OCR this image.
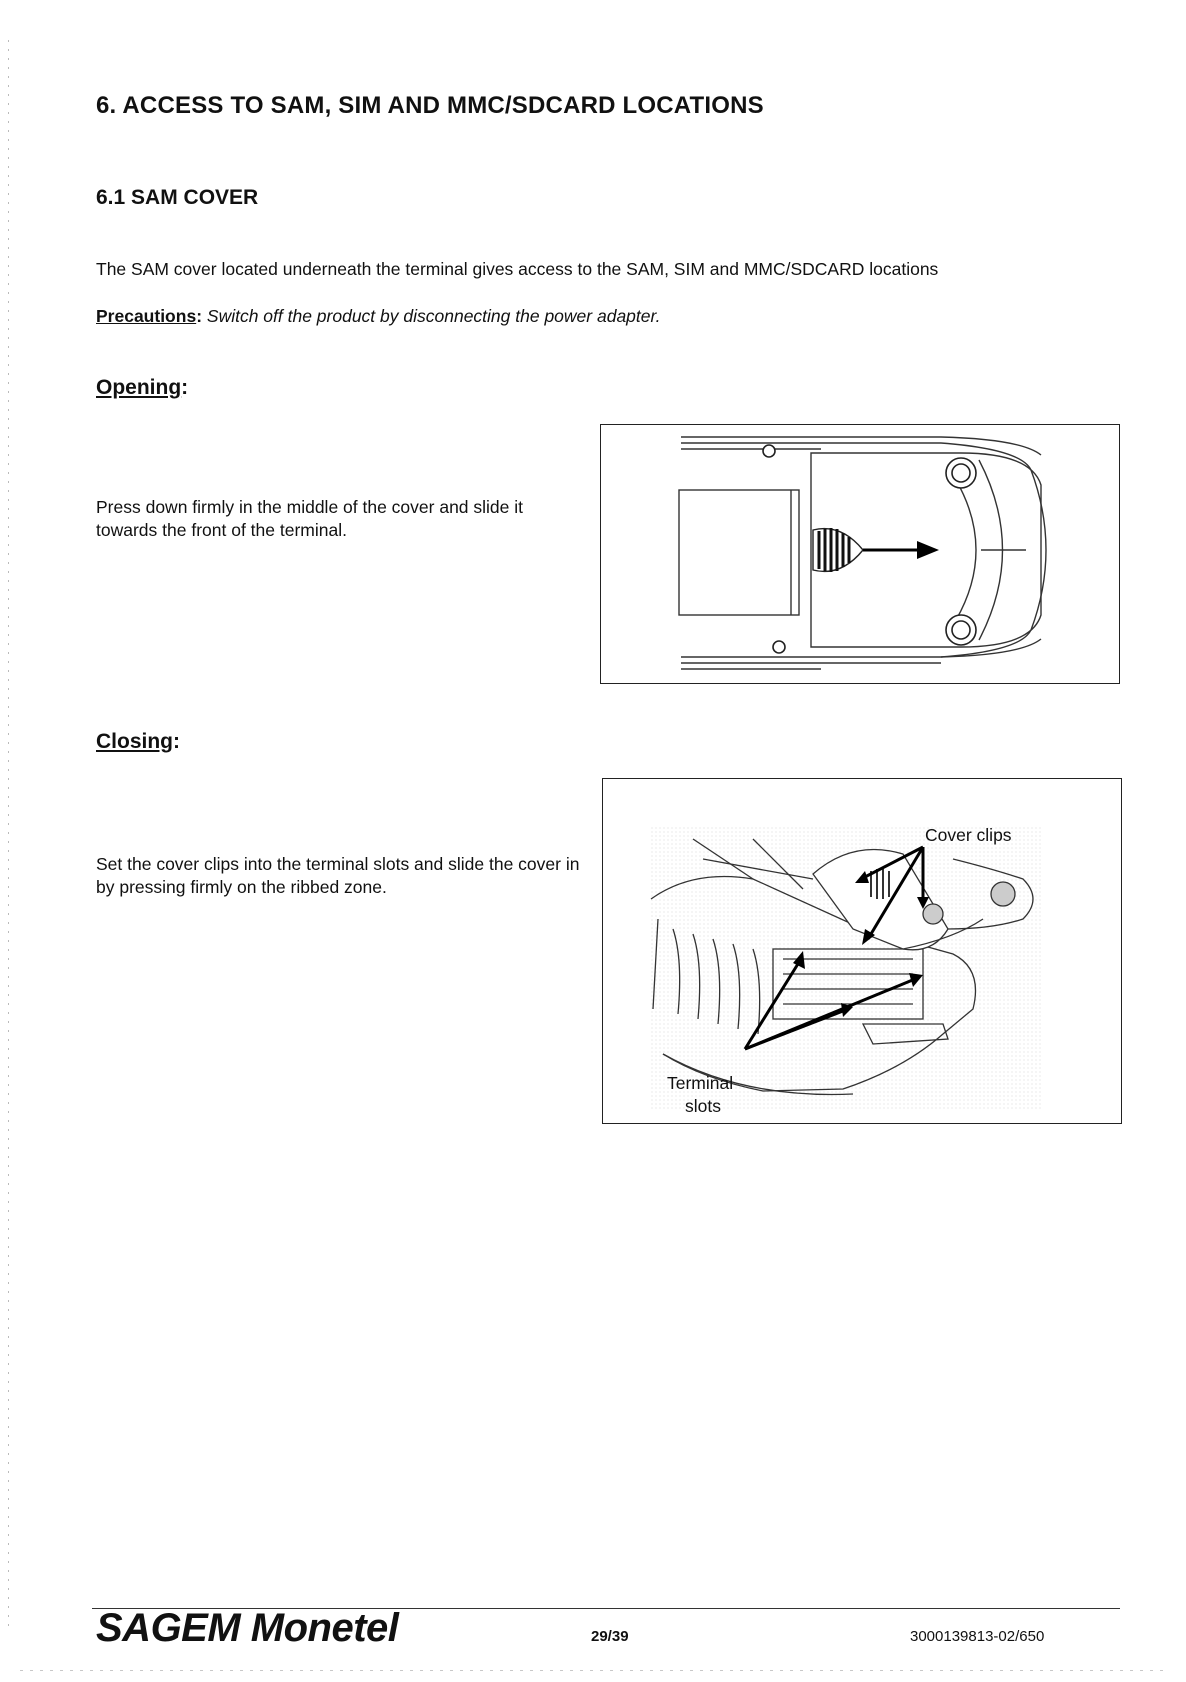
6. ACCESS TO SAM, SIM AND MMC/SDCARD LOCATIONS
6.1 SAM COVER
The SAM cover located underneath the terminal gives access to the SAM, SIM and MMC/SDCARD locations
Precautions: Switch off the product by disconnecting the power adapter.
Opening:
Press down firmly in the middle of the cover and slide it towards the front of the terminal.
Closing:
Set the cover clips into the terminal slots and slide the cover in by pressing firmly on the ribbed zone.
Cover clips
Terminal
slots
SAGEM Monetel	29/39	3000139813-02/650
